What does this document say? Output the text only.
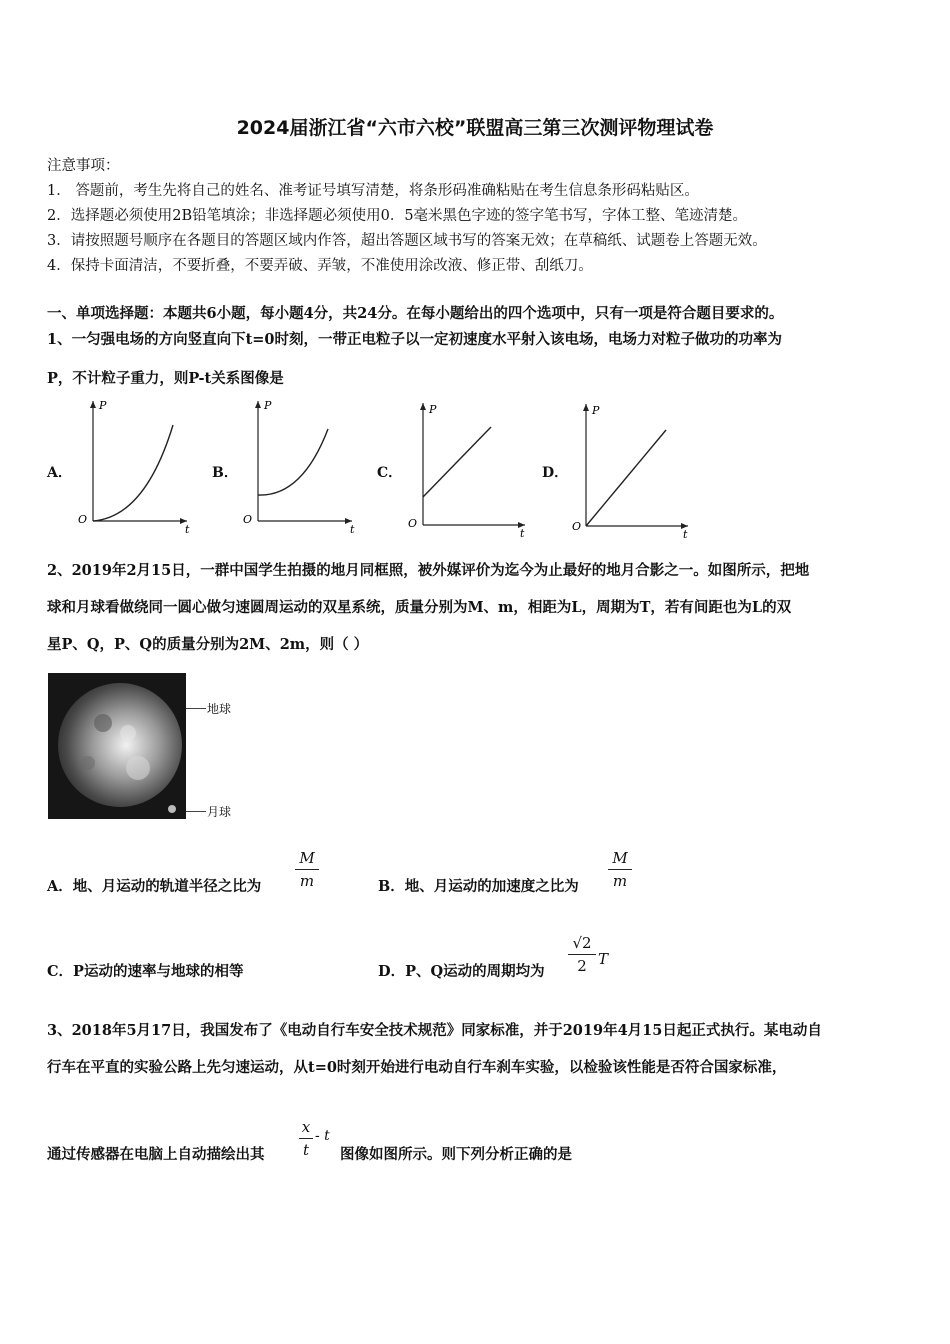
2024届浙江省“六市六校”联盟高三第三次测评物理试卷
注意事项：
1． 答题前，考生先将自己的姓名、准考证号填写清楚，将条形码准确粘贴在考生信息条形码粘贴区。
2．选择题必须使用2B铅笔填涂；非选择题必须使用0．5毫米黑色字迹的签字笔书写，字体工整、笔迹清楚。
3．请按照题号顺序在各题目的答题区域内作答，超出答题区域书写的答案无效；在草稿纸、试题卷上答题无效。
4．保持卡面清洁，不要折叠，不要弄破、弄皱，不准使用涂改液、修正带、刮纸刀。
一、单项选择题：本题共6小题，每小题4分，共24分。在每小题给出的四个选项中，只有一项是符合题目要求的。
1、一匀强电场的方向竖直向下t=0时刻，一带正电粒子以一定初速度水平射入该电场，电场力对粒子做功的功率为
P，不计粒子重力，则P-t关系图像是
A．
P
t
O
B．
P
t
O
C．
P
t
O
D．
P
t
O
2、2019年2月15日，一群中国学生拍摄的地月同框照，被外媒评价为迄今为止最好的地月合影之一。如图所示，把地
球和月球看做绕同一圆心做匀速圆周运动的双星系统，质量分别为M、m，相距为L，周期为T，若有间距也为L的双
星P、Q，P、Q的质量分别为2M、2m，则（ ）
地球
月球
A．地、月运动的轨道半径之比为
M
m	B．地、月运动的加速度之比为
M
m
C．P运动的速率与地球的相等	D．P、Q运动的周期均为
√2
2 T
3、2018年5月17日，我国发布了《电动自行车安全技术规范》同家标准，并于2019年4月15日起正式执行。某电动自
行车在平直的实验公路上先匀速运动，从t=0时刻开始进行电动自行车刹车实验，以检验该性能是否符合国家标准，
通过传感器在电脑上自动描绘出其
x
t
- t
图像如图所示。则下列分析正确的是
